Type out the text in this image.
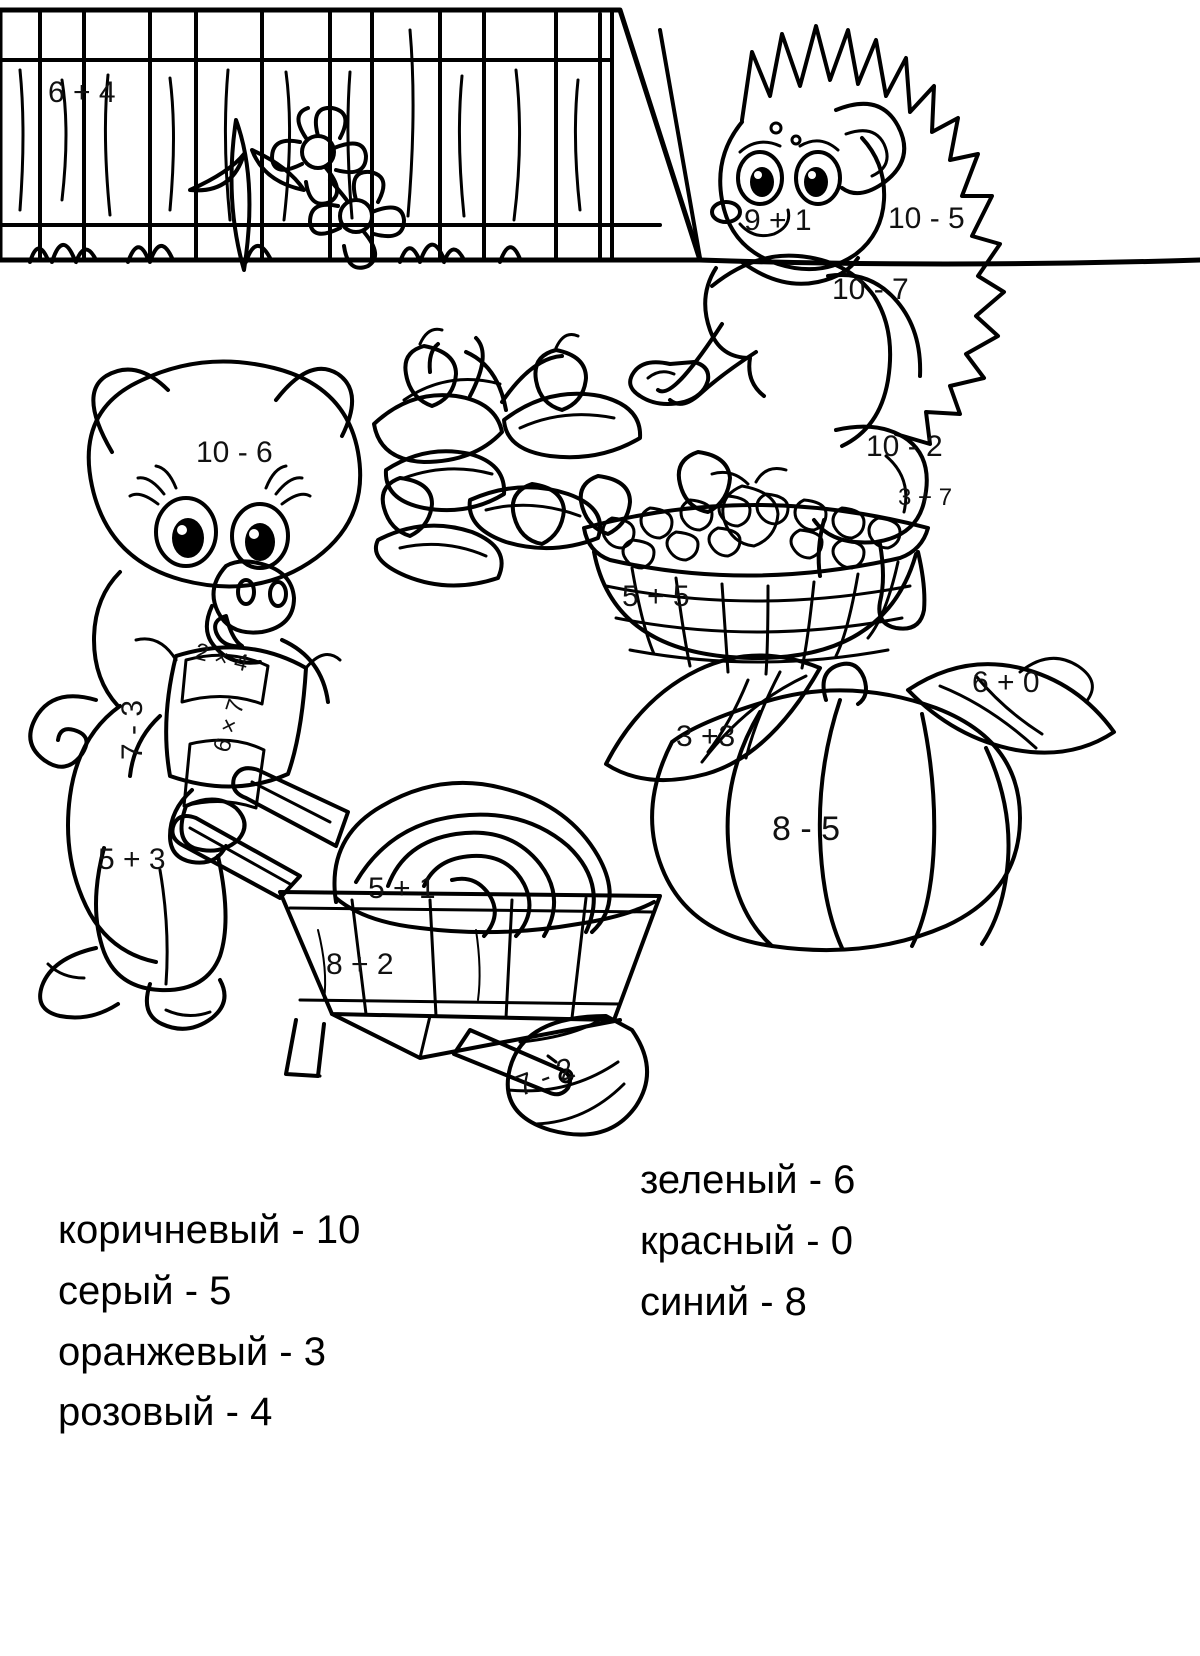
6 + 4
9 + 1	10 - 5
10 - 7
10 - 2
3 + 7
10 - 6
2 × 4
7 - 3 6 × 7
5 + 3
5 + 5
5 + 1
8 + 2
7 - 2
3 +3
8 - 5
6 + 0
коричневый - 10
серый - 5
оранжевый - 3
розовый - 4
зеленый - 6
красный - 0
синий - 8
